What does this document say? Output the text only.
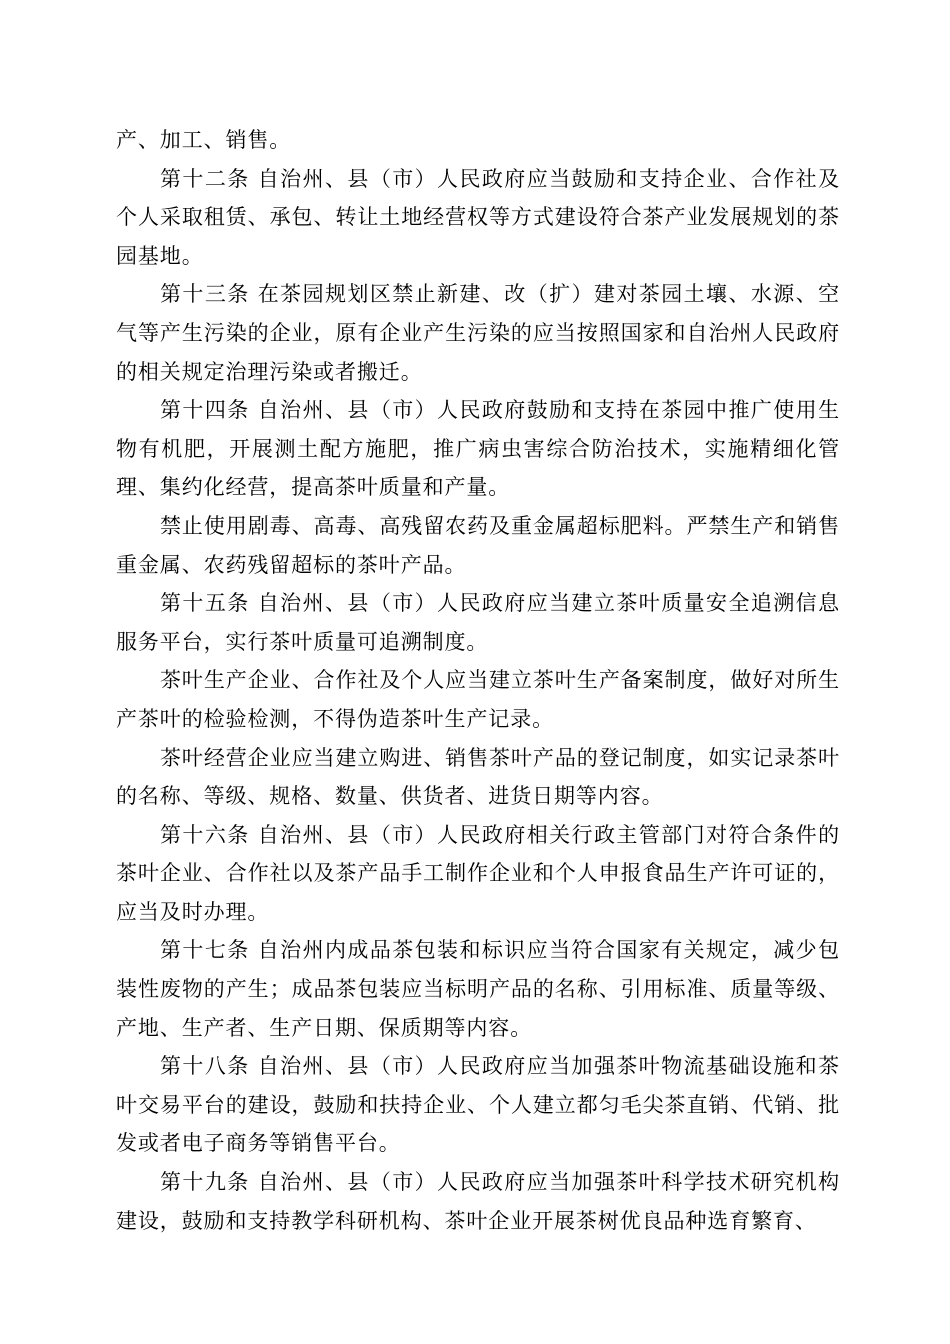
产、加工、销售。

第十二条 自治州、县（市）人民政府应当鼓励和支持企业、合作社及个人采取租赁、承包、转让土地经营权等方式建设符合茶产业发展规划的茶园基地。

第十三条 在茶园规划区禁止新建、改（扩）建对茶园土壤、水源、空气等产生污染的企业，原有企业产生污染的应当按照国家和自治州人民政府的相关规定治理污染或者搬迁。

第十四条 自治州、县（市）人民政府鼓励和支持在茶园中推广使用生物有机肥，开展测土配方施肥，推广病虫害综合防治技术，实施精细化管理、集约化经营，提高茶叶质量和产量。

禁止使用剧毒、高毒、高残留农药及重金属超标肥料。严禁生产和销售重金属、农药残留超标的茶叶产品。

第十五条 自治州、县（市）人民政府应当建立茶叶质量安全追溯信息服务平台，实行茶叶质量可追溯制度。

茶叶生产企业、合作社及个人应当建立茶叶生产备案制度，做好对所生产茶叶的检验检测，不得伪造茶叶生产记录。

茶叶经营企业应当建立购进、销售茶叶产品的登记制度，如实记录茶叶的名称、等级、规格、数量、供货者、进货日期等内容。

第十六条 自治州、县（市）人民政府相关行政主管部门对符合条件的茶叶企业、合作社以及茶产品手工制作企业和个人申报食品生产许可证的，应当及时办理。

第十七条 自治州内成品茶包装和标识应当符合国家有关规定，减少包装性废物的产生；成品茶包装应当标明产品的名称、引用标准、质量等级、产地、生产者、生产日期、保质期等内容。

第十八条 自治州、县（市）人民政府应当加强茶叶物流基础设施和茶叶交易平台的建设，鼓励和扶持企业、个人建立都匀毛尖茶直销、代销、批发或者电子商务等销售平台。

第十九条 自治州、县（市）人民政府应当加强茶叶科学技术研究机构建设，鼓励和支持教学科研机构、茶叶企业开展茶树优良品种选育繁育、
